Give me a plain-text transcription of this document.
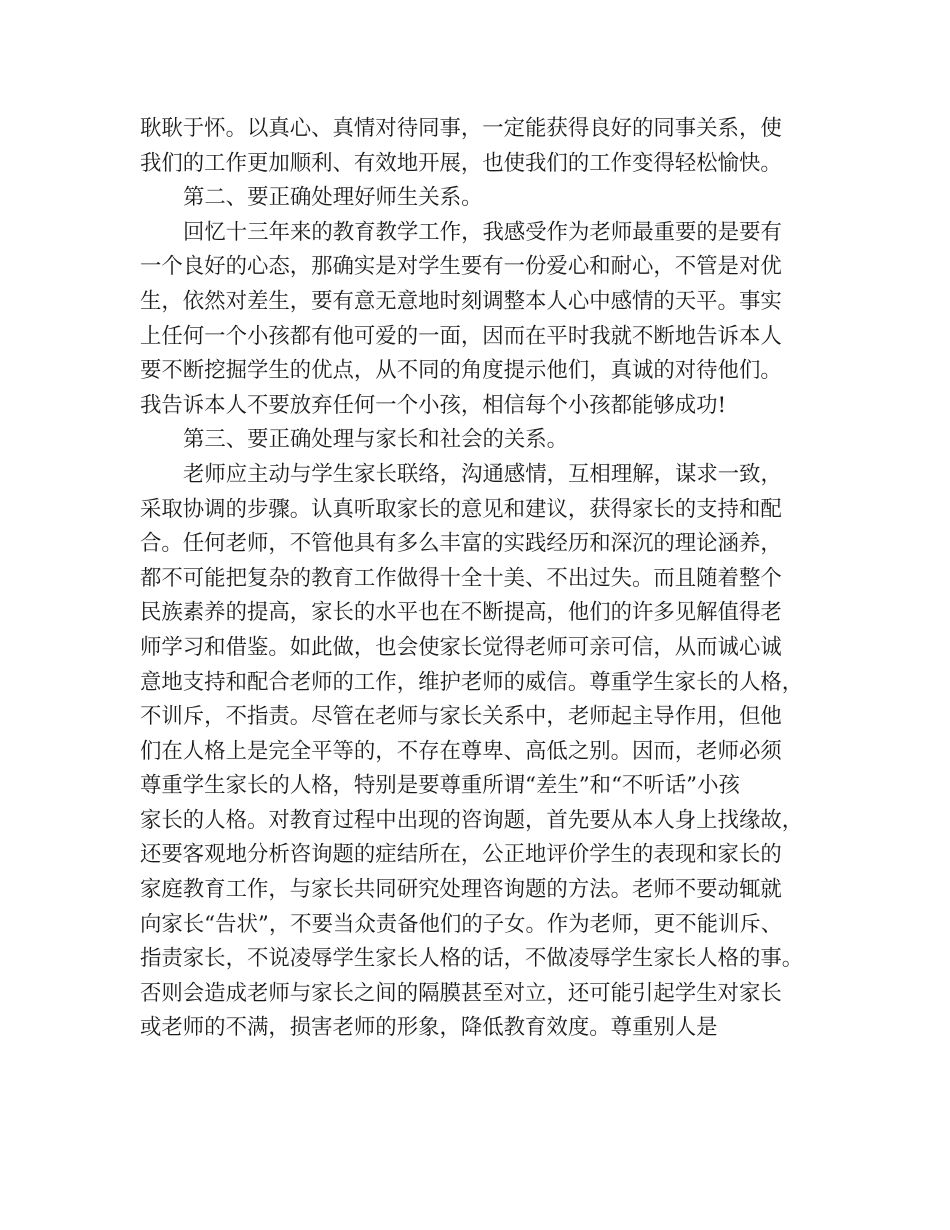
耿耿于怀。以真心、真情对待同事，一定能获得良好的同事关系，使
我们的工作更加顺利、有效地开展，也使我们的工作变得轻松愉快。
第二、要正确处理好师生关系。
回忆十三年来的教育教学工作，我感受作为老师最重要的是要有
一个良好的心态，那确实是对学生要有一份爱心和耐心，不管是对优
生，依然对差生，要有意无意地时刻调整本人心中感情的天平。事实
上任何一个小孩都有他可爱的一面，因而在平时我就不断地告诉本人
要不断挖掘学生的优点，从不同的角度提示他们，真诚的对待他们。
我告诉本人不要放弃任何一个小孩，相信每个小孩都能够成功!
第三、要正确处理与家长和社会的关系。
老师应主动与学生家长联络，沟通感情，互相理解，谋求一致，
采取协调的步骤。认真听取家长的意见和建议，获得家长的支持和配
合。任何老师，不管他具有多么丰富的实践经历和深沉的理论涵养，
都不可能把复杂的教育工作做得十全十美、不出过失。而且随着整个
民族素养的提高，家长的水平也在不断提高，他们的许多见解值得老
师学习和借鉴。如此做，也会使家长觉得老师可亲可信，从而诚心诚
意地支持和配合老师的工作，维护老师的威信。尊重学生家长的人格，
不训斥，不指责。尽管在老师与家长关系中，老师起主导作用，但他
们在人格上是完全平等的，不存在尊卑、高低之别。因而，老师必须
尊重学生家长的人格，特别是要尊重所谓“差生”和“不听话”小孩
家长的人格。对教育过程中出现的咨询题，首先要从本人身上找缘故，
还要客观地分析咨询题的症结所在，公正地评价学生的表现和家长的
家庭教育工作，与家长共同研究处理咨询题的方法。老师不要动辄就
向家长“告状”，不要当众责备他们的子女。作为老师，更不能训斥、
指责家长，不说凌辱学生家长人格的话，不做凌辱学生家长人格的事。
否则会造成老师与家长之间的隔膜甚至对立，还可能引起学生对家长
或老师的不满，损害老师的形象，降低教育效度。尊重别人是
